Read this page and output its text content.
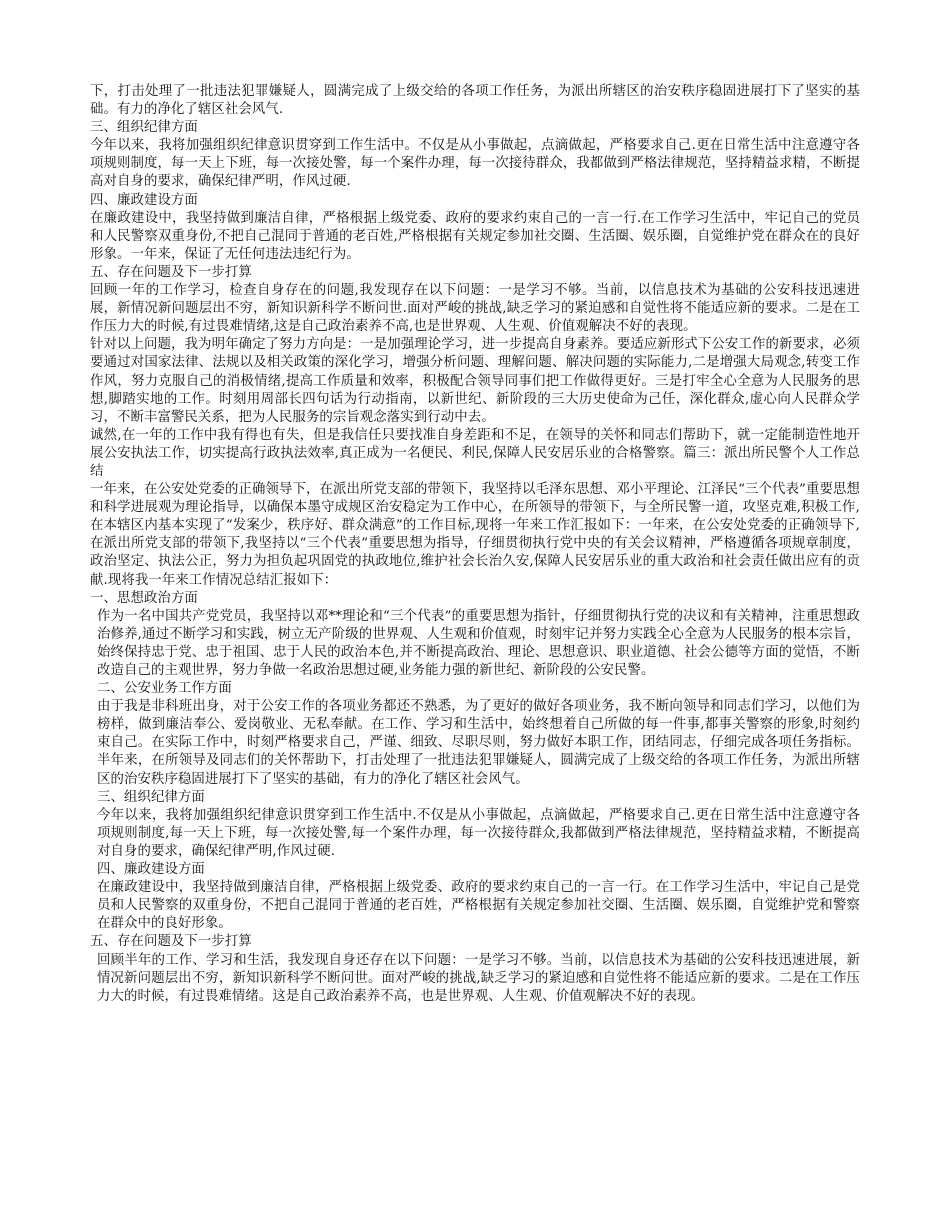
下，打击处理了一批违法犯罪嫌疑人，圆满完成了上级交给的各项工作任务，为派出所辖区的治安秩序稳固进展打下了坚实的基础。有力的净化了辖区社会风气.

三、组织纪律方面

今年以来，我将加强组织纪律意识贯穿到工作生活中。不仅是从小事做起，点滴做起，严格要求自己.更在日常生活中注意遵守各项规则制度，每一天上下班，每一次接处警，每一个案件办理，每一次接待群众，我都做到严格法律规范，坚持精益求精，不断提高对自身的要求，确保纪律严明，作风过硬.

四、廉政建设方面

在廉政建设中，我坚持做到廉洁自律，严格根据上级党委、政府的要求约束自己的一言一行.在工作学习生活中，牢记自己的党员和人民警察双重身份,不把自己混同于普通的老百姓,严格根据有关规定参加社交圈、生活圈、娱乐圈，自觉维护党在群众在的良好形象。一年来，保证了无任何违法违纪行为。

五、存在问题及下一步打算

回顾一年的工作学习，检查自身存在的问题,我发现存在以下问题：一是学习不够。当前，以信息技术为基础的公安科技迅速进展，新情况新问题层出不穷，新知识新科学不断问世.面对严峻的挑战,缺乏学习的紧迫感和自觉性将不能适应新的要求。二是在工作压力大的时候,有过畏难情绪,这是自己政治素养不高,也是世界观、人生观、价值观解决不好的表现。

针对以上问题，我为明年确定了努力方向是：一是加强理论学习，进一步提高自身素养。要适应新形式下公安工作的新要求，必须要通过对国家法律、法规以及相关政策的深化学习，增强分析问题、理解问题、解决问题的实际能力,二是增强大局观念,转变工作作风，努力克服自己的消极情绪,提高工作质量和效率，积极配合领导同事们把工作做得更好。三是打牢全心全意为人民服务的思想,脚踏实地的工作。时刻用周部长四句话为行动指南，以新世纪、新阶段的三大历史使命为己任，深化群众,虚心向人民群众学习，不断丰富警民关系，把为人民服务的宗旨观念落实到行动中去。

诚然,在一年的工作中我有得也有失，但是我信任只要找准自身差距和不足，在领导的关怀和同志们帮助下，就一定能制造性地开展公安执法工作，切实提高行政执法效率,真正成为一名便民、利民,保障人民安居乐业的合格警察。篇三：派出所民警个人工作总结

一年来，在公安处党委的正确领导下，在派出所党支部的带领下，我坚持以毛泽东思想、邓小平理论、江泽民“三个代表”重要思想和科学进展观为理论指导，以确保本墨守成规区治安稳定为工作中心，在所领导的带领下，与全所民警一道，攻坚克难,积极工作,在本辖区内基本实现了“发案少，秩序好、群众满意”的工作目标,现将一年来工作汇报如下：一年来，在公安处党委的正确领导下,在派出所党支部的带领下,我坚持以“三个代表”重要思想为指导，仔细贯彻执行党中央的有关会议精神，严格遵循各项规章制度，政治坚定、执法公正，努力为担负起巩固党的执政地位,维护社会长治久安,保障人民安居乐业的重大政治和社会责任做出应有的贡献.现将我一年来工作情况总结汇报如下：

一、思想政治方面

作为一名中国共产党党员，我坚持以邓**理论和“三个代表”的重要思想为指针，仔细贯彻执行党的决议和有关精神，注重思想政治修养,通过不断学习和实践，树立无产阶级的世界观、人生观和价值观，时刻牢记并努力实践全心全意为人民服务的根本宗旨，始终保持忠于党、忠于祖国、忠于人民的政治本色,并不断提高政治、理论、思想意识、职业道德、社会公德等方面的觉悟，不断改造自己的主观世界，努力争做一名政治思想过硬,业务能力强的新世纪、新阶段的公安民警。

二、公安业务工作方面

由于我是非科班出身，对于公安工作的各项业务都还不熟悉，为了更好的做好各项业务，我不断向领导和同志们学习，以他们为榜样，做到廉洁奉公、爱岗敬业、无私奉献。在工作、学习和生活中，始终想着自己所做的每一件事,都事关警察的形象,时刻约束自己。在实际工作中，时刻严格要求自己，严谨、细致、尽职尽则，努力做好本职工作，团结同志，仔细完成各项任务指标。半年来，在所领导及同志们的关怀帮助下，打击处理了一批违法犯罪嫌疑人，圆满完成了上级交给的各项工作任务，为派出所辖区的治安秩序稳固进展打下了坚实的基础，有力的净化了辖区社会风气。

三、组织纪律方面

今年以来，我将加强组织纪律意识贯穿到工作生活中.不仅是从小事做起，点滴做起，严格要求自己.更在日常生活中注意遵守各项规则制度,每一天上下班，每一次接处警,每一个案件办理，每一次接待群众,我都做到严格法律规范，坚持精益求精，不断提高对自身的要求，确保纪律严明,作风过硬.

四、廉政建设方面

在廉政建设中，我坚持做到廉洁自律，严格根据上级党委、政府的要求约束自己的一言一行。在工作学习生活中，牢记自己是党员和人民警察的双重身份，不把自己混同于普通的老百姓，严格根据有关规定参加社交圈、生活圈、娱乐圈，自觉维护党和警察在群众中的良好形象。

五、存在问题及下一步打算

回顾半年的工作、学习和生活，我发现自身还存在以下问题：一是学习不够。当前，以信息技术为基础的公安科技迅速进展，新情况新问题层出不穷，新知识新科学不断问世。面对严峻的挑战,缺乏学习的紧迫感和自觉性将不能适应新的要求。二是在工作压力大的时候，有过畏难情绪。这是自己政治素养不高，也是世界观、人生观、价值观解决不好的表现。
